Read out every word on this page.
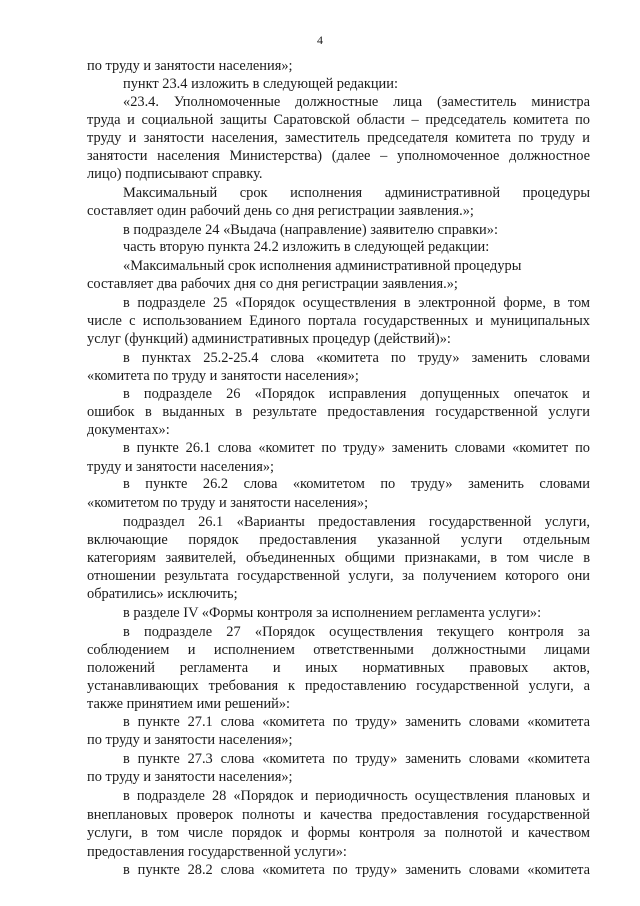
4
по труду и занятости населения»;
пункт 23.4 изложить в следующей редакции:
«23.4. Уполномоченные должностные лица (заместитель министра
труда и социальной защиты Саратовской области – председатель комитета по
труду и занятости населения, заместитель председателя комитета по труду и
занятости населения Министерства) (далее – уполномоченное должностное
лицо) подписывают справку.
Максимальный срок исполнения административной процедуры
составляет один рабочий день со дня регистрации заявления.»;
в подразделе 24 «Выдача (направление) заявителю справки»:
часть вторую пункта 24.2 изложить в следующей редакции:
«Максимальный срок исполнения административной процедуры
составляет два рабочих дня со дня регистрации заявления.»;
в подразделе 25 «Порядок осуществления в электронной форме, в том
числе с использованием Единого портала государственных и муниципальных
услуг (функций) административных процедур (действий)»:
в пунктах 25.2-25.4 слова «комитета по труду» заменить словами
«комитета по труду и занятости населения»;
в подразделе 26 «Порядок исправления допущенных опечаток и
ошибок в выданных в результате предоставления государственной услуги
документах»:
в пункте 26.1 слова «комитет по труду» заменить словами «комитет по
труду и занятости населения»;
в пункте 26.2 слова «комитетом по труду» заменить словами
«комитетом по труду и занятости населения»;
подраздел 26.1 «Варианты предоставления государственной услуги,
включающие порядок предоставления указанной услуги отдельным
категориям заявителей, объединенных общими признаками, в том числе в
отношении результата государственной услуги, за получением которого они
обратились» исключить;
в разделе IV «Формы контроля за исполнением регламента услуги»:
в подразделе 27 «Порядок осуществления текущего контроля за
соблюдением и исполнением ответственными должностными лицами
положений регламента и иных нормативных правовых актов,
устанавливающих требования к предоставлению государственной услуги, а
также принятием ими решений»:
в пункте 27.1 слова «комитета по труду» заменить словами «комитета
по труду и занятости населения»;
в пункте 27.3 слова «комитета по труду» заменить словами «комитета
по труду и занятости населения»;
в подразделе 28 «Порядок и периодичность осуществления плановых и
внеплановых проверок полноты и качества предоставления государственной
услуги, в том числе порядок и формы контроля за полнотой и качеством
предоставления государственной услуги»:
в пункте 28.2 слова «комитета по труду» заменить словами «комитета
